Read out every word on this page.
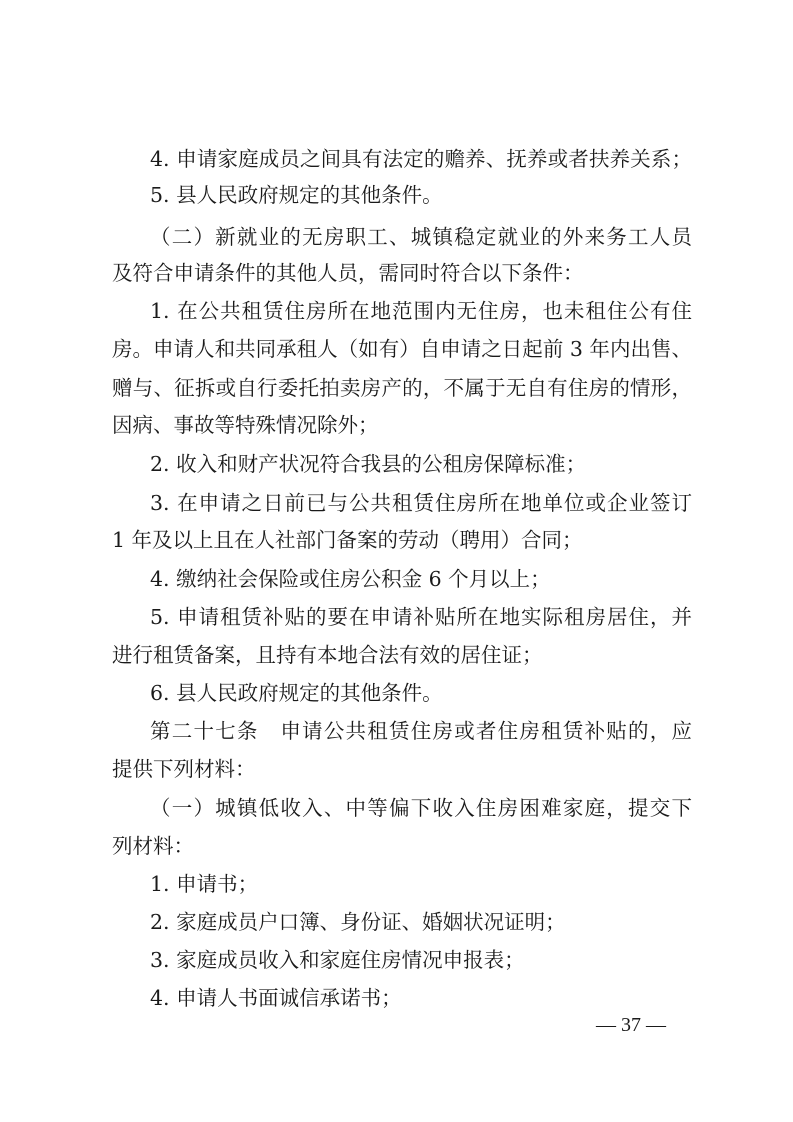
4. 申请家庭成员之间具有法定的赡养、抚养或者扶养关系；
5. 县人民政府规定的其他条件。
（二）新就业的无房职工、城镇稳定就业的外来务工人员
及符合申请条件的其他人员，需同时符合以下条件：
1. 在公共租赁住房所在地范围内无住房，也未租住公有住
房。申请人和共同承租人（如有）自申请之日起前 3 年内出售、
赠与、征拆或自行委托拍卖房产的，不属于无自有住房的情形，
因病、事故等特殊情况除外；
2. 收入和财产状况符合我县的公租房保障标准；
3. 在申请之日前已与公共租赁住房所在地单位或企业签订
1 年及以上且在人社部门备案的劳动（聘用）合同；
4. 缴纳社会保险或住房公积金 6 个月以上；
5. 申请租赁补贴的要在申请补贴所在地实际租房居住，并
进行租赁备案，且持有本地合法有效的居住证；
6. 县人民政府规定的其他条件。
第二十七条　申请公共租赁住房或者住房租赁补贴的，应
提供下列材料：
（一）城镇低收入、中等偏下收入住房困难家庭，提交下
列材料：
1. 申请书；
2. 家庭成员户口簿、身份证、婚姻状况证明；
3. 家庭成员收入和家庭住房情况申报表；
4. 申请人书面诚信承诺书；
— 37 —
